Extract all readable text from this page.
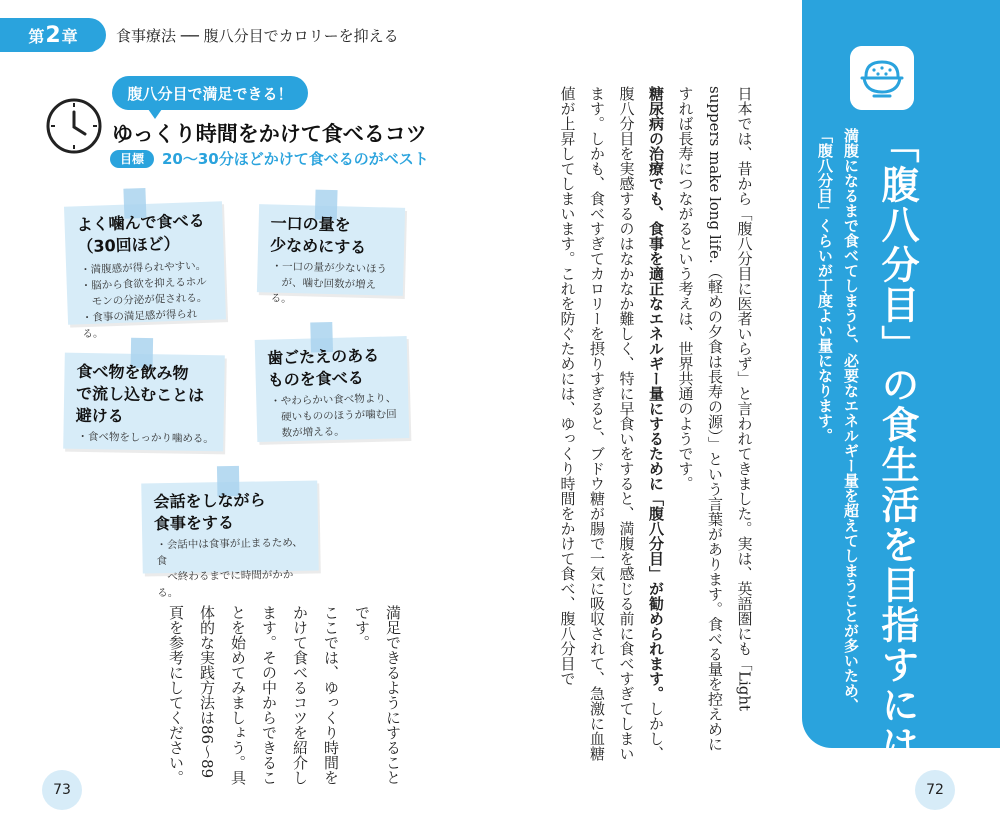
第 2 章	食事療法 ── 腹八分目でカロリーを抑える
腹八分目で満足できる！
ゆっくり時間をかけて食べるコツ
目標	20～30分ほどかけて食べるのがベスト
よく噛んで食べる
（30回ほど）
・満腹感が得られやすい。
・脳から食欲を抑えるホル
　モンの分泌が促される。
・食事の満足感が得られる。
一口の量を
少なめにする
・一口の量が少ないほう
　が、噛む回数が増える。
食べ物を飲み物
で流し込むことは
避ける
・食べ物をしっかり噛める。
歯ごたえのある
ものを食べる
・やわらかい食べ物より、
　硬いもののほうが噛む回
　数が増える。
会話をしながら
食事をする
・会話中は食事が止まるため、食
　べ終わるまでに時間がかかる。
満足できるようにすることです。
ここでは、ゆっくり時間をかけて食べるコツを紹介します。その中からできることを始めてみましょう。具体的な実践方法は86～89頁を参考にしてください。	日本では、昔から「腹八分目に医者いらず」と言われてきました。実は、英語圏にも「Light suppers make long life.（軽めの夕食は長寿の源）」という言葉があります。食べる量を控えめにすれば長寿につながるという考えは、世界共通のようです。
糖尿病の治療でも、食事を適正なエネルギー量にするために「腹八分目」が勧められます。しかし、腹八分目を実感するのはなかなか難しく、特に早食いをすると、満腹を感じる前に食べすぎてしまいます。しかも、食べすぎてカロリーを摂りすぎると、ブドウ糖が腸で一気に吸収されて、急激に血糖値が上昇してしまいます。これを防ぐためには、ゆっくり時間をかけて食べ、腹八分目で	「腹八分目」の食生活を目指すには
満腹になるまで食べてしまうと、必要なエネルギー量を超えてしまうことが多いため、「腹八分目」くらいが丁度よい量になります。
73	72
